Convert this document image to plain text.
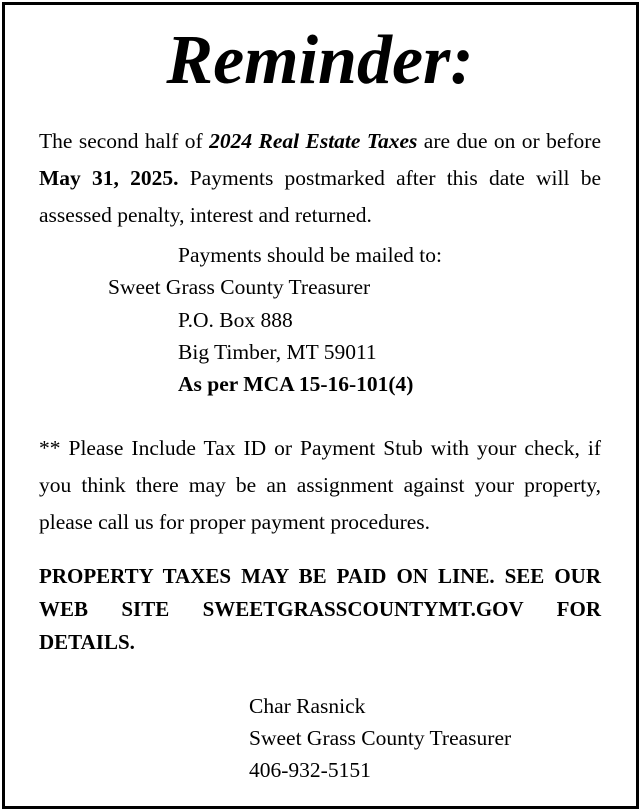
Reminder:

The second half of 2024 Real Estate Taxes are due on or before May 31, 2025. Payments postmarked after this date will be assessed penalty, interest and returned.

Payments should be mailed to:
Sweet Grass County Treasurer
P.O. Box 888
Big Timber, MT 59011
As per MCA 15-16-101(4)

** Please Include Tax ID or Payment Stub with your check, if you think there may be an assignment against your property, please call us for proper payment procedures.

PROPERTY TAXES MAY BE PAID ON LINE. SEE OUR WEB SITE SWEETGRASSCOUNTYMT.GOV FOR DETAILS.

Char Rasnick
Sweet Grass County Treasurer
406-932-5151
